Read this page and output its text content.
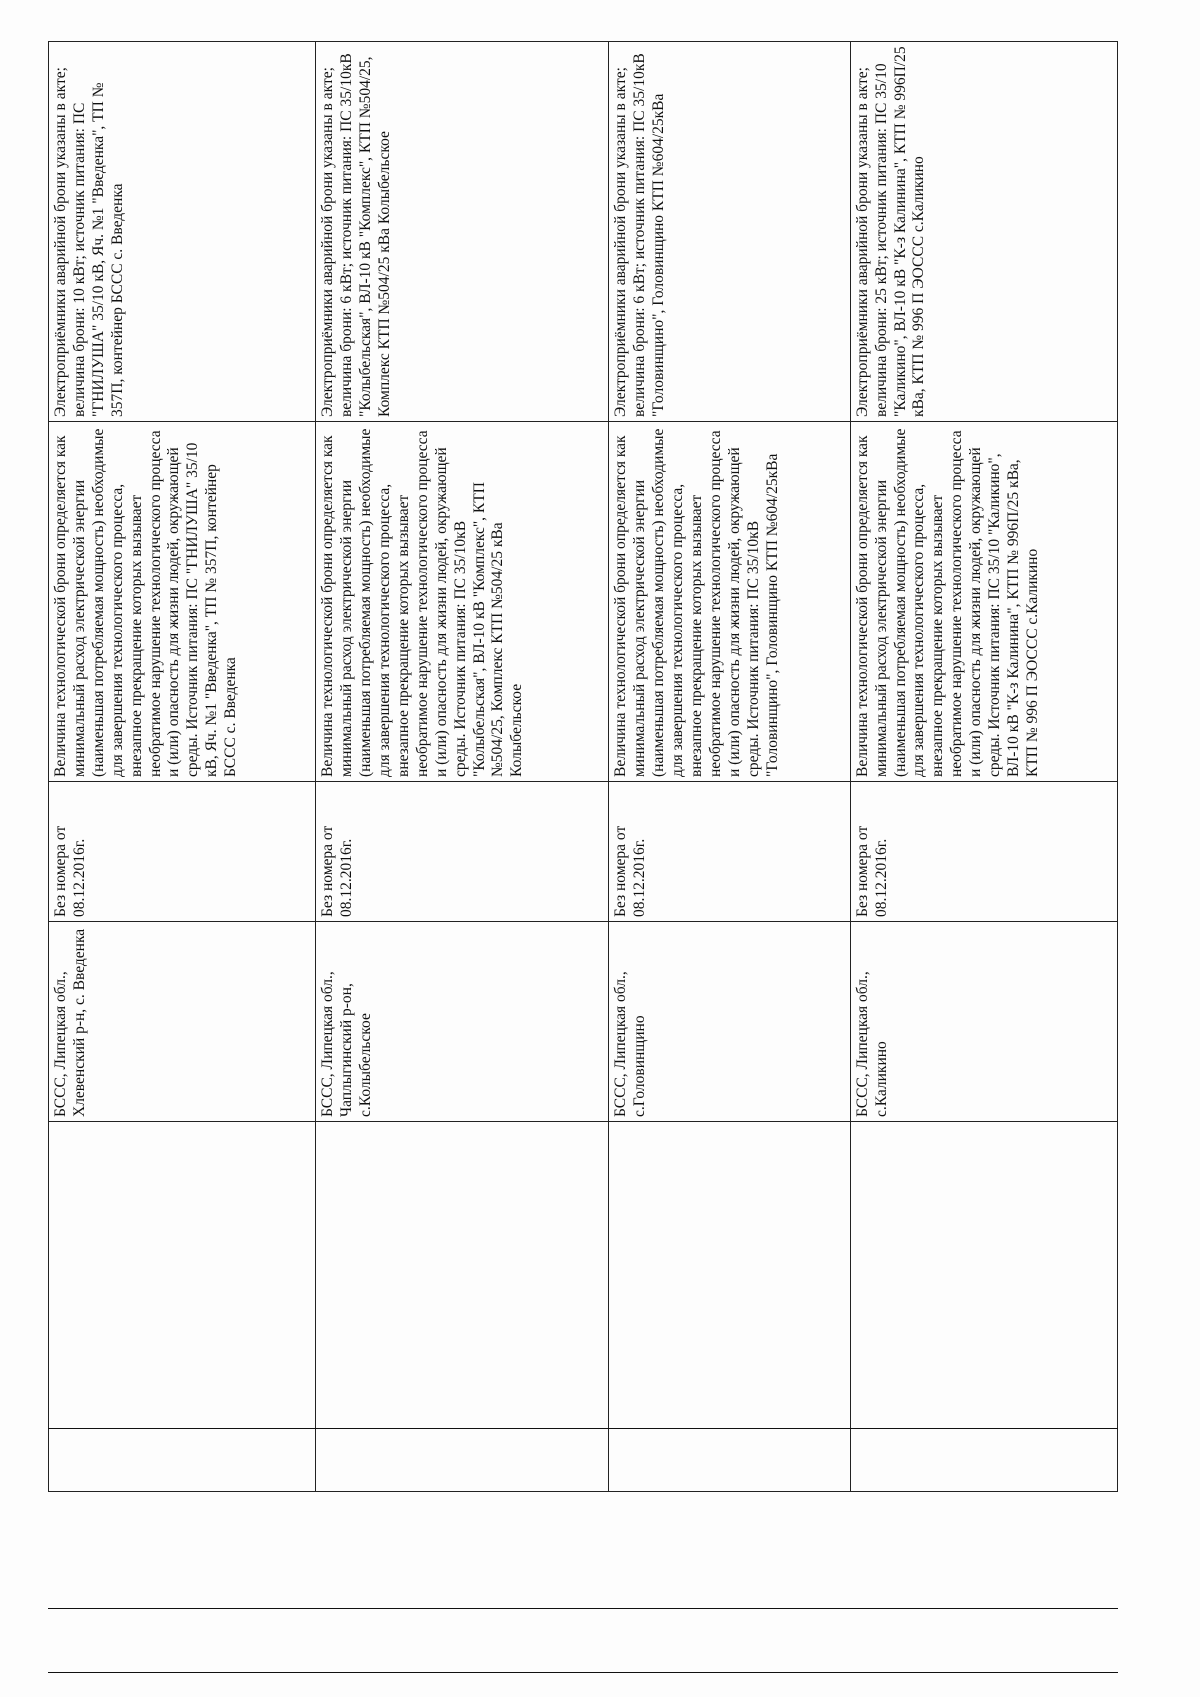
	БССС, Липецкая обл., Хлевенский р-н, с. Введенка	Без номера от 08.12.2016г.	Величина технологической брони определяется как минимальный расход электрической энергии (наименьшая потребляемая мощность) необходимые для завершения технологического процесса, внезапное прекращение которых вызывает необратимое нарушение технологического процесса и (или) опасность для жизни людей, окружающей среды. Источник питания: ПС "ГНИЛУША" 35/10 кВ, Яч. №1 "Введенка", ТП № 357П, контейнер БССС с. Введенка	Электроприёмники аварийной брони указаны в акте; величина брони: 10 кВт; источник питания: ПС "ГНИЛУША" 35/10 кВ, Яч. №1 "Введенка", ТП № 357П, контейнер БССС с. Введенка
	БССС, Липецкая обл., Чаплыгинский р-он, с.Колыбельское	Без номера от 08.12.2016г.	Величина технологической брони определяется как минимальный расход электрической энергии (наименьшая потребляемая мощность) необходимые для завершения технологического процесса, внезапное прекращение которых вызывает необратимое нарушение технологического процесса и (или) опасность для жизни людей, окружающей среды. Источник питания: ПС 35/10кВ "Колыбельская", ВЛ-10 кВ "Комплекс", КТП №504/25, Комплекс КТП №504/25 кВа Колыбельское	Электроприёмники аварийной брони указаны в акте; величина брони: 6 кВт; источник питания: ПС 35/10кВ "Колыбельская", ВЛ-10 кВ "Комплекс", КТП №504/25, Комплекс КТП №504/25 кВа Колыбельское
	БССС, Липецкая обл., с.Головинщино	Без номера от 08.12.2016г.	Величина технологической брони определяется как минимальный расход электрической энергии (наименьшая потребляемая мощность) необходимые для завершения технологического процесса, внезапное прекращение которых вызывает необратимое нарушение технологического процесса и (или) опасность для жизни людей, окружающей среды. Источник питания: ПС 35/10кВ "Головинщино", Головинщино КТП №604/25кВа	Электроприёмники аварийной брони указаны в акте; величина брони: 6 кВт; источник питания: ПС 35/10кВ "Головинщино", Головинщино КТП №604/25кВа
	БССС, Липецкая обл., с.Каликино	Без номера от 08.12.2016г.	Величина технологической брони определяется как минимальный расход электрической энергии (наименьшая потребляемая мощность) необходимые для завершения технологического процесса, внезапное прекращение которых вызывает необратимое нарушение технологического процесса и (или) опасность для жизни людей, окружающей среды. Источник питания: ПС 35/10 "Каликино", ВЛ-10 кВ "К-з Калинина", КТП № 996П/25 кВа, КТП № 996 П ЭОССС с.Каликино	Электроприёмники аварийной брони указаны в акте; величина брони: 25 кВт; источник питания: ПС 35/10 "Каликино", ВЛ-10 кВ "К-з Калинина", КТП № 996П/25 кВа, КТП № 996 П ЭОССС с.Каликино
